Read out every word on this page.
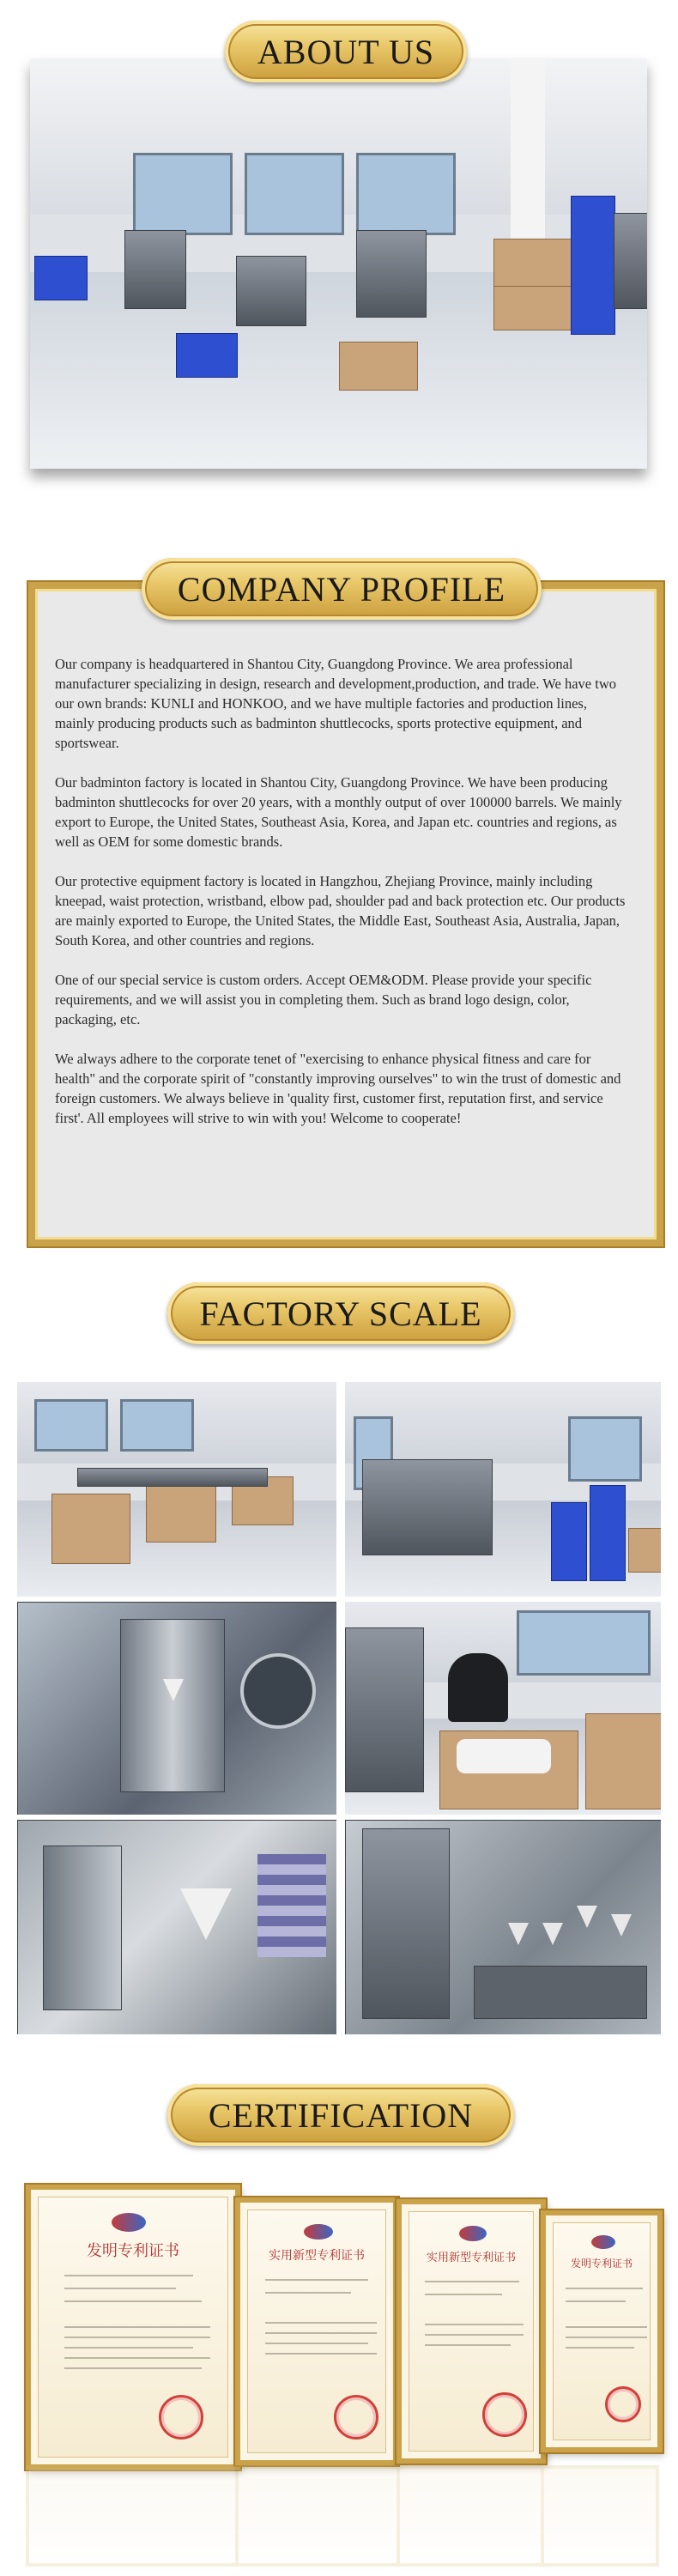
ABOUT US
COMPANY PROFILE

Our company is headquartered in Shantou City, Guangdong Province. We area professional manufacturer specializing in design, research and development,production, and trade. We have two our own brands: KUNLI and HONKOO, and we have multiple factories and production lines, mainly producing products such as badminton shuttlecocks, sports protective equipment, and sportswear.

Our badminton factory is located in Shantou City, Guangdong Province. We have been producing badminton shuttlecocks for over 20 years, with a monthly output of over 100000 barrels. We mainly export to Europe, the United States, Southeast Asia, Korea, and Japan etc. countries and regions, as well as OEM for some domestic brands.

Our protective equipment factory is located in Hangzhou, Zhejiang Province, mainly including kneepad, waist protection, wristband, elbow pad, shoulder pad and back protection etc. Our products are mainly exported to Europe, the United States, the Middle East, Southeast Asia, Australia, Japan, South Korea, and other countries and regions.

One of our special service is custom orders. Accept OEM&ODM. Please provide your specific requirements, and we will assist you in completing them. Such as brand logo design, color, packaging, etc.

We always adhere to the corporate tenet of "exercising to enhance physical fitness and care for health" and the corporate spirit of "constantly improving ourselves" to win the trust of domestic and foreign customers. We always believe in 'quality first, customer first, reputation first, and service first'. All employees will strive to win with you! Welcome to cooperate!

FACTORY SCALE
CERTIFICATION
发明专利证书	实用新型专利证书	实用新型专利证书	发明专利证书
